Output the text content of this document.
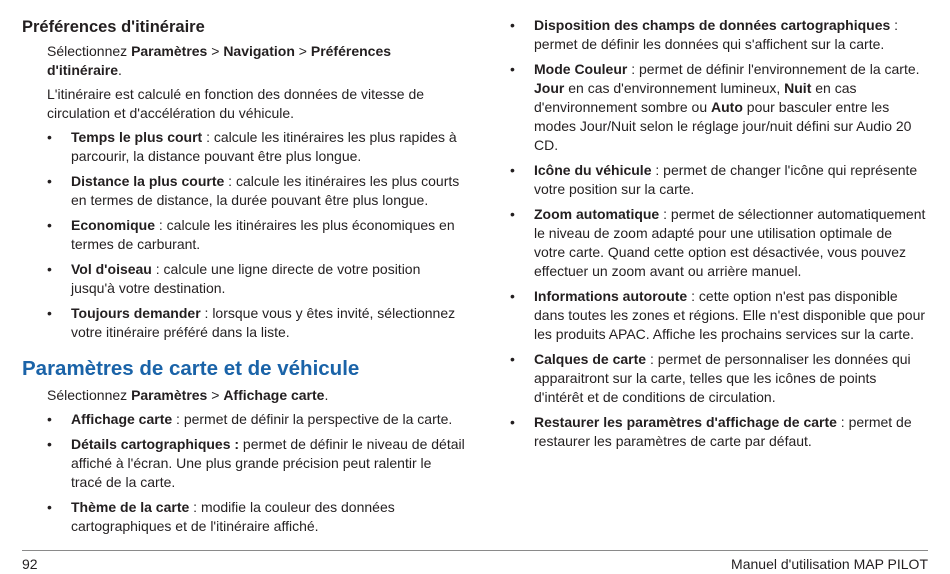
Préférences d'itinéraire

Sélectionnez Paramètres > Navigation > Préférences d'itinéraire.

L'itinéraire est calculé en fonction des données de vitesse de circulation et d'accélération du véhicule.

• Temps le plus court : calcule les itinéraires les plus rapides à parcourir, la distance pouvant être plus longue.
• Distance la plus courte : calcule les itinéraires les plus courts en termes de distance, la durée pouvant être plus longue.
• Economique : calcule les itinéraires les plus économiques en termes de carburant.
• Vol d'oiseau : calcule une ligne directe de votre position jusqu'à votre destination.
• Toujours demander : lorsque vous y êtes invité, sélectionnez votre itinéraire préféré dans la liste.
Paramètres de carte et de véhicule

Sélectionnez Paramètres > Affichage carte.

• Affichage carte : permet de définir la perspective de la carte.
• Détails cartographiques : permet de définir le niveau de détail affiché à l'écran. Une plus grande précision peut ralentir le tracé de la carte.
• Thème de la carte : modifie la couleur des données cartographiques et de l'itinéraire affiché.
• Disposition des champs de données cartographiques : permet de définir les données qui s'affichent sur la carte.
• Mode Couleur : permet de définir l'environnement de la carte. Jour en cas d'environnement lumineux, Nuit en cas d'environnement sombre ou Auto pour basculer entre les modes Jour/Nuit selon le réglage jour/nuit défini sur Audio 20 CD.
• Icône du véhicule : permet de changer l'icône qui représente votre position sur la carte.
• Zoom automatique : permet de sélectionner automatiquement le niveau de zoom adapté pour une utilisation optimale de votre carte. Quand cette option est désactivée, vous pouvez effectuer un zoom avant ou arrière manuel.
• Informations autoroute : cette option n'est pas disponible dans toutes les zones et régions. Elle n'est disponible que pour les produits APAC. Affiche les prochains services sur la carte.
• Calques de carte : permet de personnaliser les données qui apparaitront sur la carte, telles que les icônes de points d'intérêt et de conditions de circulation.
• Restaurer les paramètres d'affichage de carte : permet de restaurer les paramètres de carte par défaut.
92	Manuel d'utilisation MAP PILOT
